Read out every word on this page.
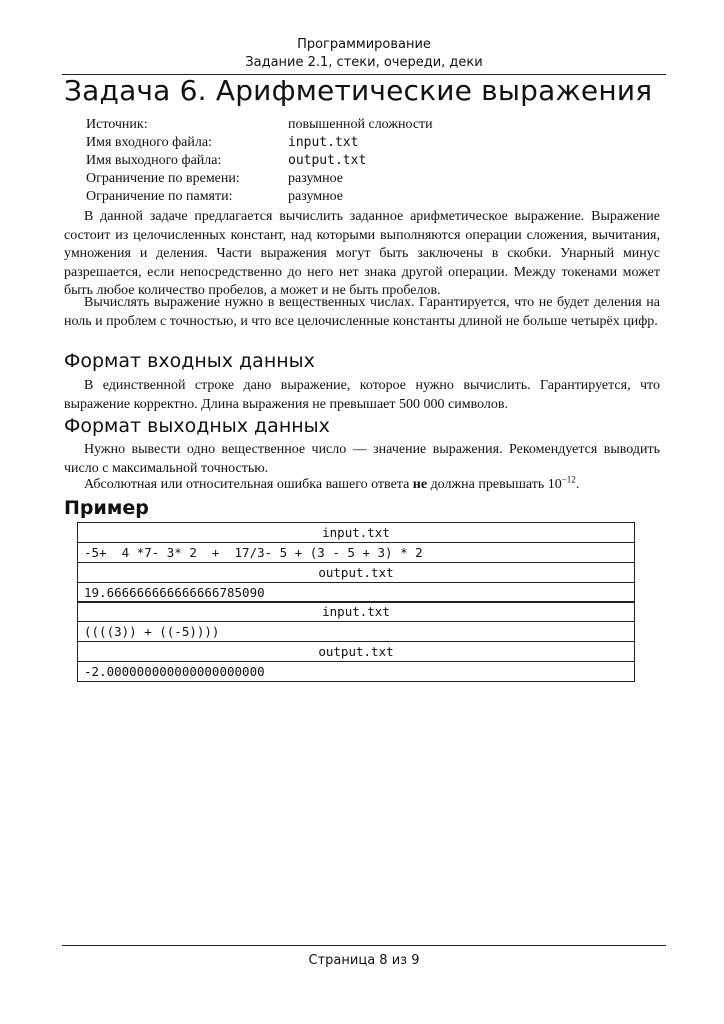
Программирование
Задание 2.1, стеки, очереди, деки
Задача 6. Арифметические выражения
Источник:	повышенной сложности
Имя входного файла:	input.txt
Имя выходного файла:	output.txt
Ограничение по времени:	разумное
Ограничение по памяти:	разумное
В данной задаче предлагается вычислить заданное арифметическое выражение. Выражение состоит из целочисленных констант, над которыми выполняются операции сложения, вычитания, умножения и деления. Части выражения могут быть заключены в скобки. Унарный минус разрешается, если непосредственно до него нет знака другой операции. Между токенами может быть любое количество пробелов, а может и не быть пробелов.
Вычислять выражение нужно в вещественных числах. Гарантируется, что не будет деления на ноль и проблем с точностью, и что все целочисленные константы длиной не больше четырёх цифр.
Формат входных данных
В единственной строке дано выражение, которое нужно вычислить. Гарантируется, что выражение корректно. Длина выражения не превышает 500 000 символов.
Формат выходных данных
Нужно вывести одно вещественное число — значение выражения. Рекомендуется выводить число с максимальной точностью.
Абсолютная или относительная ошибка вашего ответа не должна превышать $10^{-12}$.
Пример
input.txt
-5+  4 *7- 3* 2  +  17/3- 5 + (3 - 5 + 3) * 2
output.txt
19.666666666666666785090
input.txt
((((3)) + ((-5))))
output.txt
-2.000000000000000000000
Страница 8 из 9
